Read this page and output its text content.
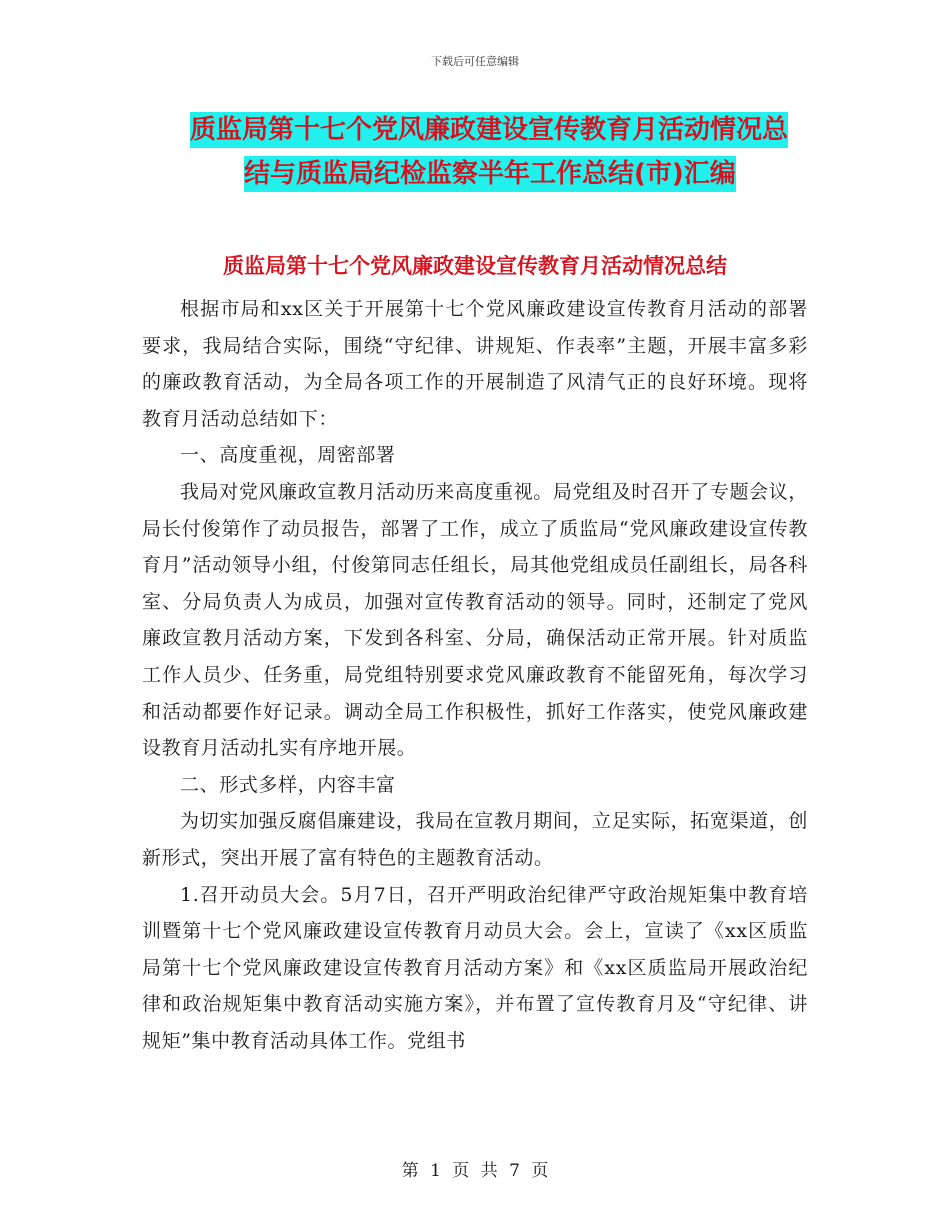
下载后可任意编辑
质监局第十七个党风廉政建设宣传教育月活动情况总
结与质监局纪检监察半年工作总结(市)汇编
质监局第十七个党风廉政建设宣传教育月活动情况总结

根据市局和xx区关于开展第十七个党风廉政建设宣传教育月活动的部署要求，我局结合实际，围绕“守纪律、讲规矩、作表率”主题，开展丰富多彩的廉政教育活动，为全局各项工作的开展制造了风清气正的良好环境。现将教育月活动总结如下：

一、高度重视，周密部署

我局对党风廉政宣教月活动历来高度重视。局党组及时召开了专题会议，局长付俊第作了动员报告，部署了工作，成立了质监局“党风廉政建设宣传教育月”活动领导小组，付俊第同志任组长，局其他党组成员任副组长，局各科室、分局负责人为成员，加强对宣传教育活动的领导。同时，还制定了党风廉政宣教月活动方案，下发到各科室、分局，确保活动正常开展。针对质监工作人员少、任务重，局党组特别要求党风廉政教育不能留死角，每次学习和活动都要作好记录。调动全局工作积极性，抓好工作落实，使党风廉政建设教育月活动扎实有序地开展。

二、形式多样，内容丰富

为切实加强反腐倡廉建设，我局在宣教月期间，立足实际，拓宽渠道，创新形式，突出开展了富有特色的主题教育活动。

1.召开动员大会。5月7日，召开严明政治纪律严守政治规矩集中教育培训暨第十七个党风廉政建设宣传教育月动员大会。会上，宣读了《xx区质监局第十七个党风廉政建设宣传教育月活动方案》和《xx区质监局开展政治纪律和政治规矩集中教育活动实施方案》，并布置了宣传教育月及“守纪律、讲规矩”集中教育活动具体工作。党组书

第 1 页 共 7 页
